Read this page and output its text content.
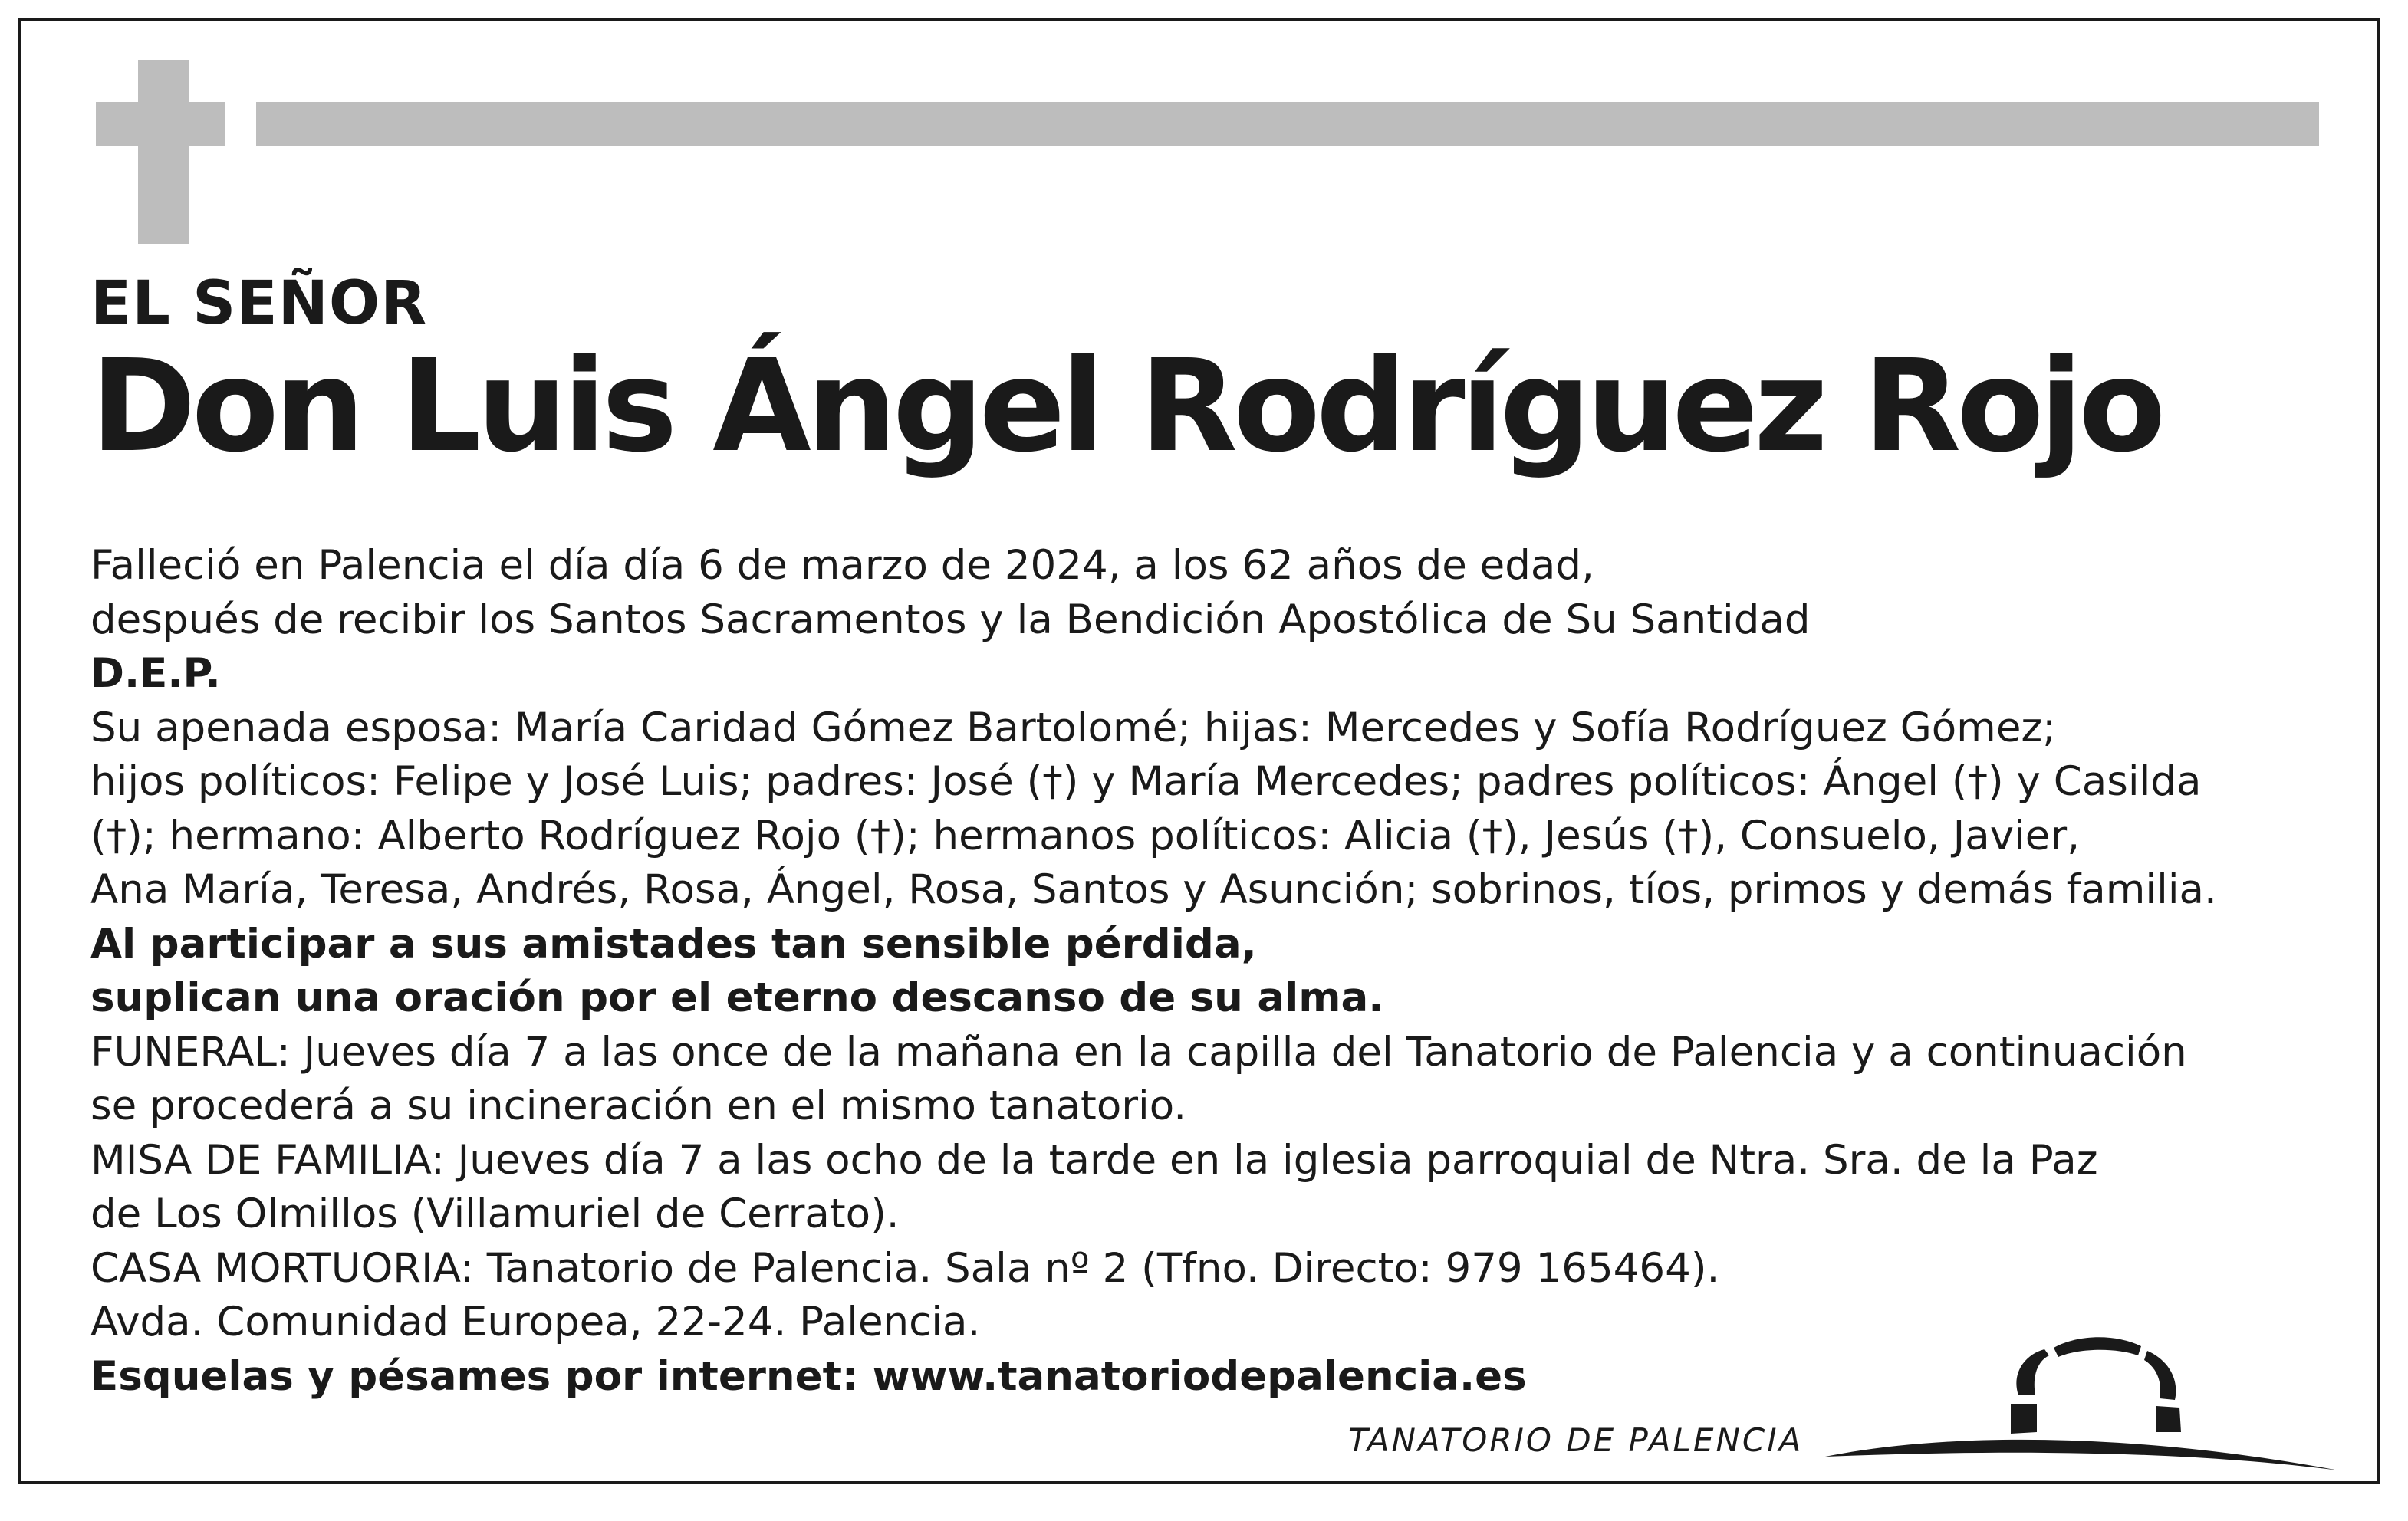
EL SEÑOR
Don Luis Ángel Rodríguez Rojo
Falleció en Palencia el día día 6 de marzo de 2024, a los 62 años de edad,
después de recibir los Santos Sacramentos y la Bendición Apostólica de Su Santidad
D.E.P.
Su apenada esposa: María Caridad Gómez Bartolomé; hijas: Mercedes y Sofía Rodríguez Gómez;
hijos políticos: Felipe y José Luis; padres: José (†) y María Mercedes; padres políticos: Ángel (†) y Casilda
(†); hermano: Alberto Rodríguez Rojo (†); hermanos políticos: Alicia (†), Jesús (†), Consuelo, Javier,
Ana María, Teresa, Andrés, Rosa, Ángel, Rosa, Santos y Asunción; sobrinos, tíos, primos y demás familia.
Al participar a sus amistades tan sensible pérdida,
suplican una oración por el eterno descanso de su alma.
FUNERAL: Jueves día 7 a las once de la mañana en la capilla del Tanatorio de Palencia y a continuación
se procederá a su incineración en el mismo tanatorio.
MISA DE FAMILIA: Jueves día 7 a las ocho de la tarde en la iglesia parroquial de Ntra. Sra. de la Paz
de Los Olmillos (Villamuriel de Cerrato).
CASA MORTUORIA: Tanatorio de Palencia. Sala nº 2 (Tfno. Directo: 979 165464).
Avda. Comunidad Europea, 22-24. Palencia.
Esquelas y pésames por internet: www.tanatoriodepalencia.es
TANATORIO DE PALENCIA
